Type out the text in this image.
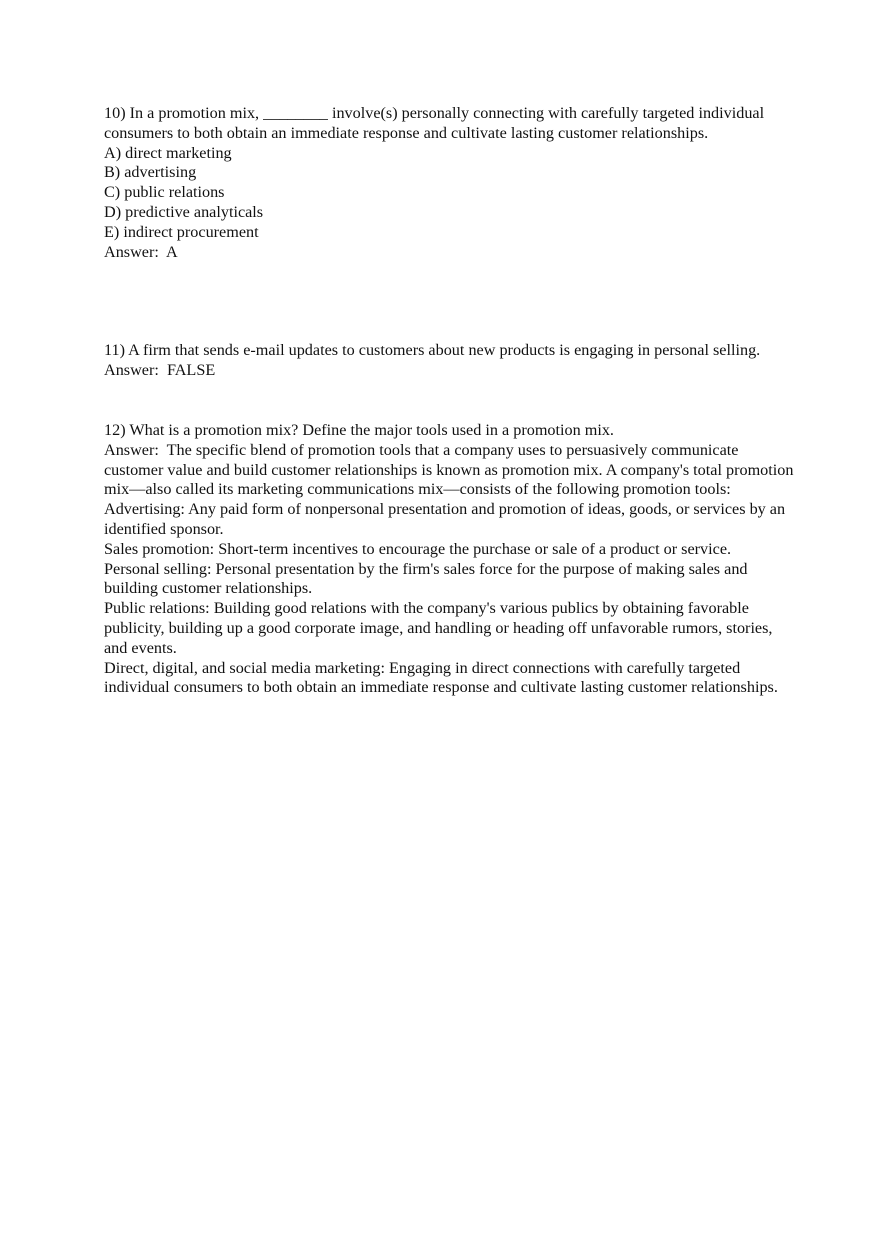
10) In a promotion mix, ________ involve(s) personally connecting with carefully targeted individual consumers to both obtain an immediate response and cultivate lasting customer relationships.
A) direct marketing
B) advertising
C) public relations
D) predictive analyticals
E) indirect procurement
Answer:  A
11) A firm that sends e-mail updates to customers about new products is engaging in personal selling.
Answer:  FALSE
12) What is a promotion mix? Define the major tools used in a promotion mix.
Answer:  The specific blend of promotion tools that a company uses to persuasively communicate customer value and build customer relationships is known as promotion mix. A company's total promotion mix—also called its marketing communications mix—consists of the following promotion tools:
Advertising: Any paid form of nonpersonal presentation and promotion of ideas, goods, or services by an identified sponsor.
Sales promotion: Short-term incentives to encourage the purchase or sale of a product or service.
Personal selling: Personal presentation by the firm's sales force for the purpose of making sales and building customer relationships.
Public relations: Building good relations with the company's various publics by obtaining favorable publicity, building up a good corporate image, and handling or heading off unfavorable rumors, stories, and events.
Direct, digital, and social media marketing: Engaging in direct connections with carefully targeted individual consumers to both obtain an immediate response and cultivate lasting customer relationships.
